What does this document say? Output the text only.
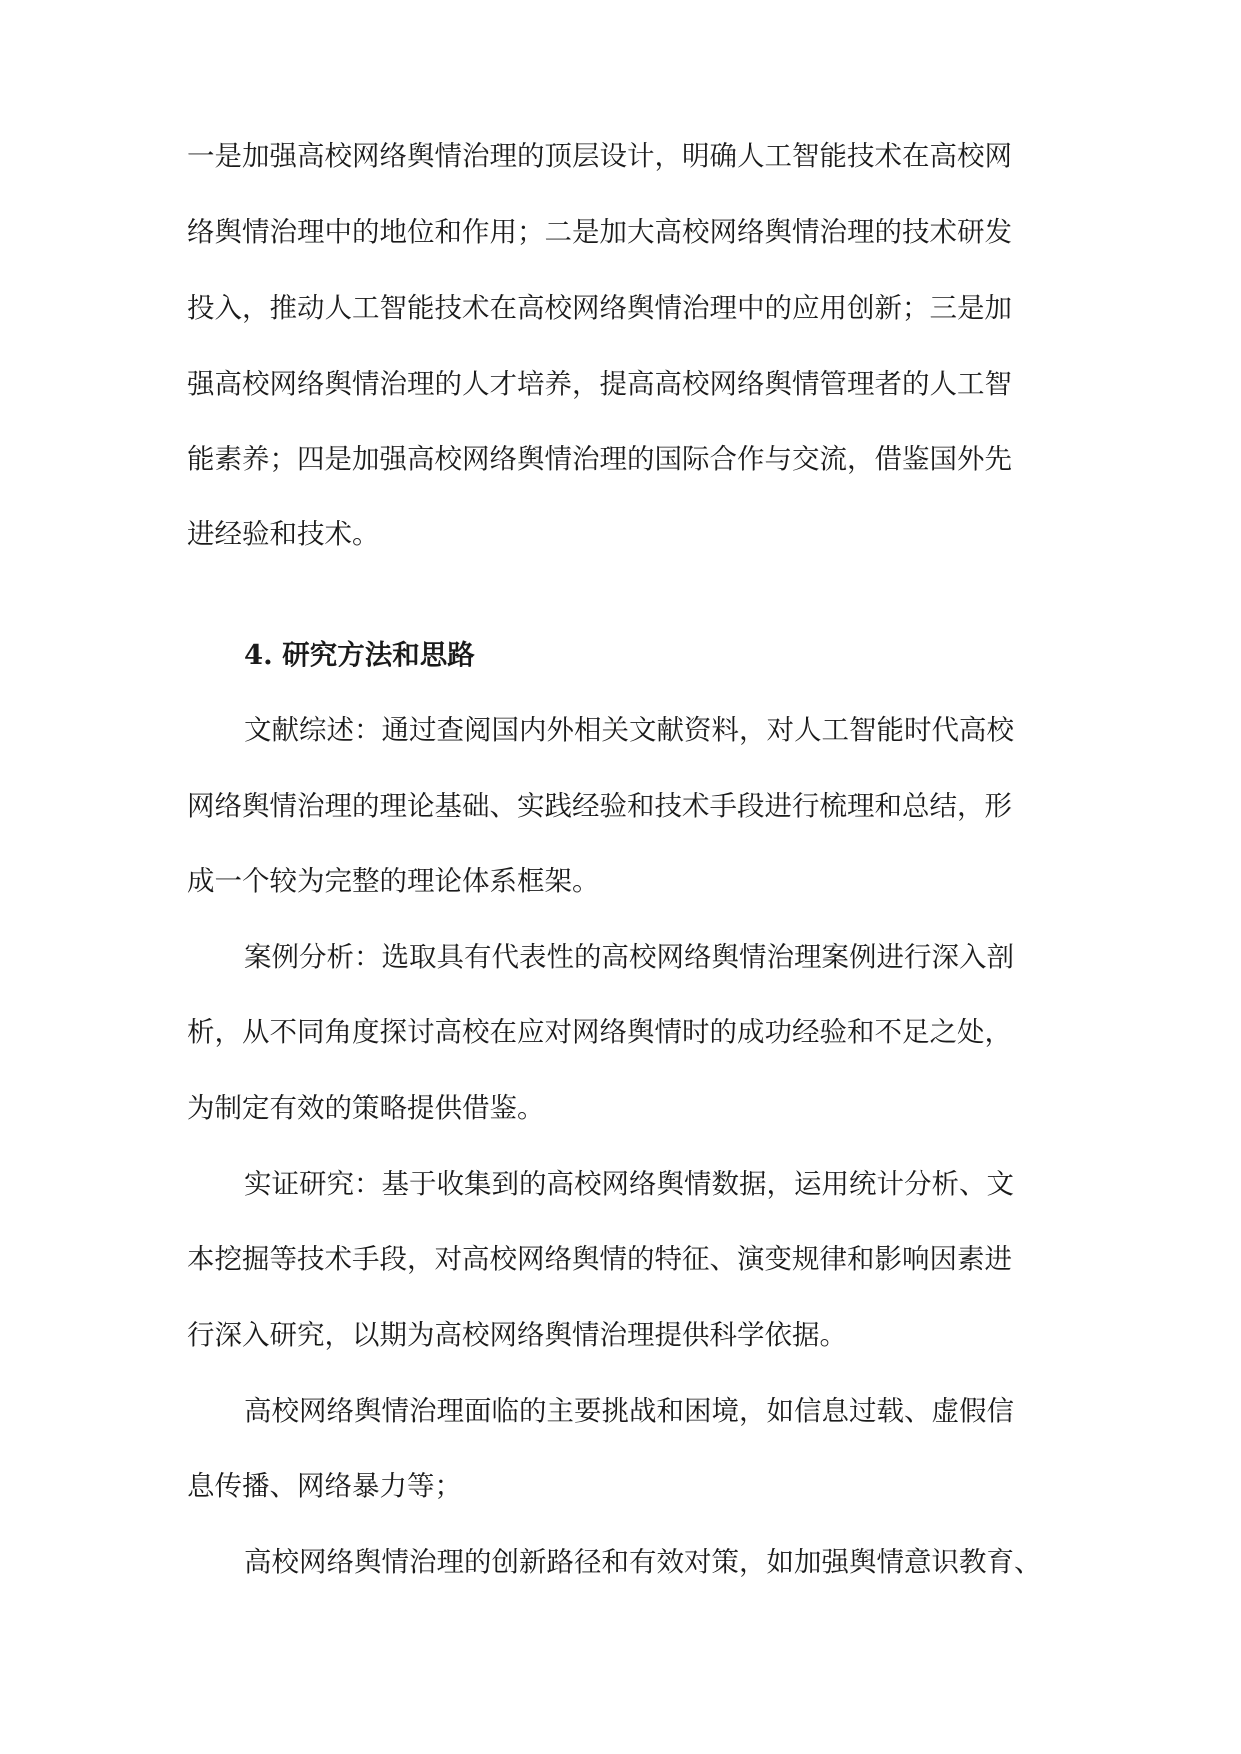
一是加强高校网络舆情治理的顶层设计，明确人工智能技术在高校网
络舆情治理中的地位和作用；二是加大高校网络舆情治理的技术研发
投入，推动人工智能技术在高校网络舆情治理中的应用创新；三是加
强高校网络舆情治理的人才培养，提高高校网络舆情管理者的人工智
能素养；四是加强高校网络舆情治理的国际合作与交流，借鉴国外先
进经验和技术。
4. 研究方法和思路
文献综述：通过查阅国内外相关文献资料，对人工智能时代高校
网络舆情治理的理论基础、实践经验和技术手段进行梳理和总结，形
成一个较为完整的理论体系框架。
案例分析：选取具有代表性的高校网络舆情治理案例进行深入剖
析，从不同角度探讨高校在应对网络舆情时的成功经验和不足之处，
为制定有效的策略提供借鉴。
实证研究：基于收集到的高校网络舆情数据，运用统计分析、文
本挖掘等技术手段，对高校网络舆情的特征、演变规律和影响因素进
行深入研究，以期为高校网络舆情治理提供科学依据。
高校网络舆情治理面临的主要挑战和困境，如信息过载、虚假信
息传播、网络暴力等；
高校网络舆情治理的创新路径和有效对策，如加强舆情意识教育、
